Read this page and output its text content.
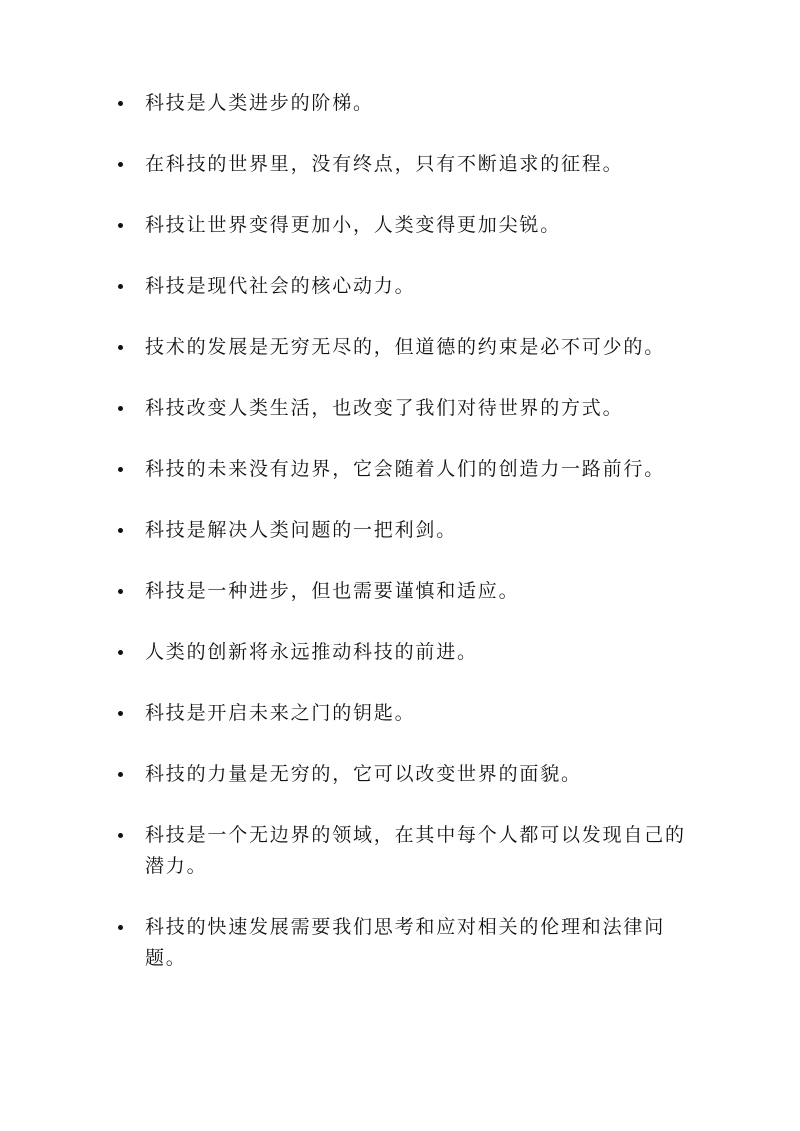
科技是人类进步的阶梯。
在科技的世界里，没有终点，只有不断追求的征程。
科技让世界变得更加小，人类变得更加尖锐。
科技是现代社会的核心动力。
技术的发展是无穷无尽的，但道德的约束是必不可少的。
科技改变人类生活，也改变了我们对待世界的方式。
科技的未来没有边界，它会随着人们的创造力一路前行。
科技是解决人类问题的一把利剑。
科技是一种进步，但也需要谨慎和适应。
人类的创新将永远推动科技的前进。
科技是开启未来之门的钥匙。
科技的力量是无穷的，它可以改变世界的面貌。
科技是一个无边界的领域，在其中每个人都可以发现自己的潜力。
科技的快速发展需要我们思考和应对相关的伦理和法律问题。
